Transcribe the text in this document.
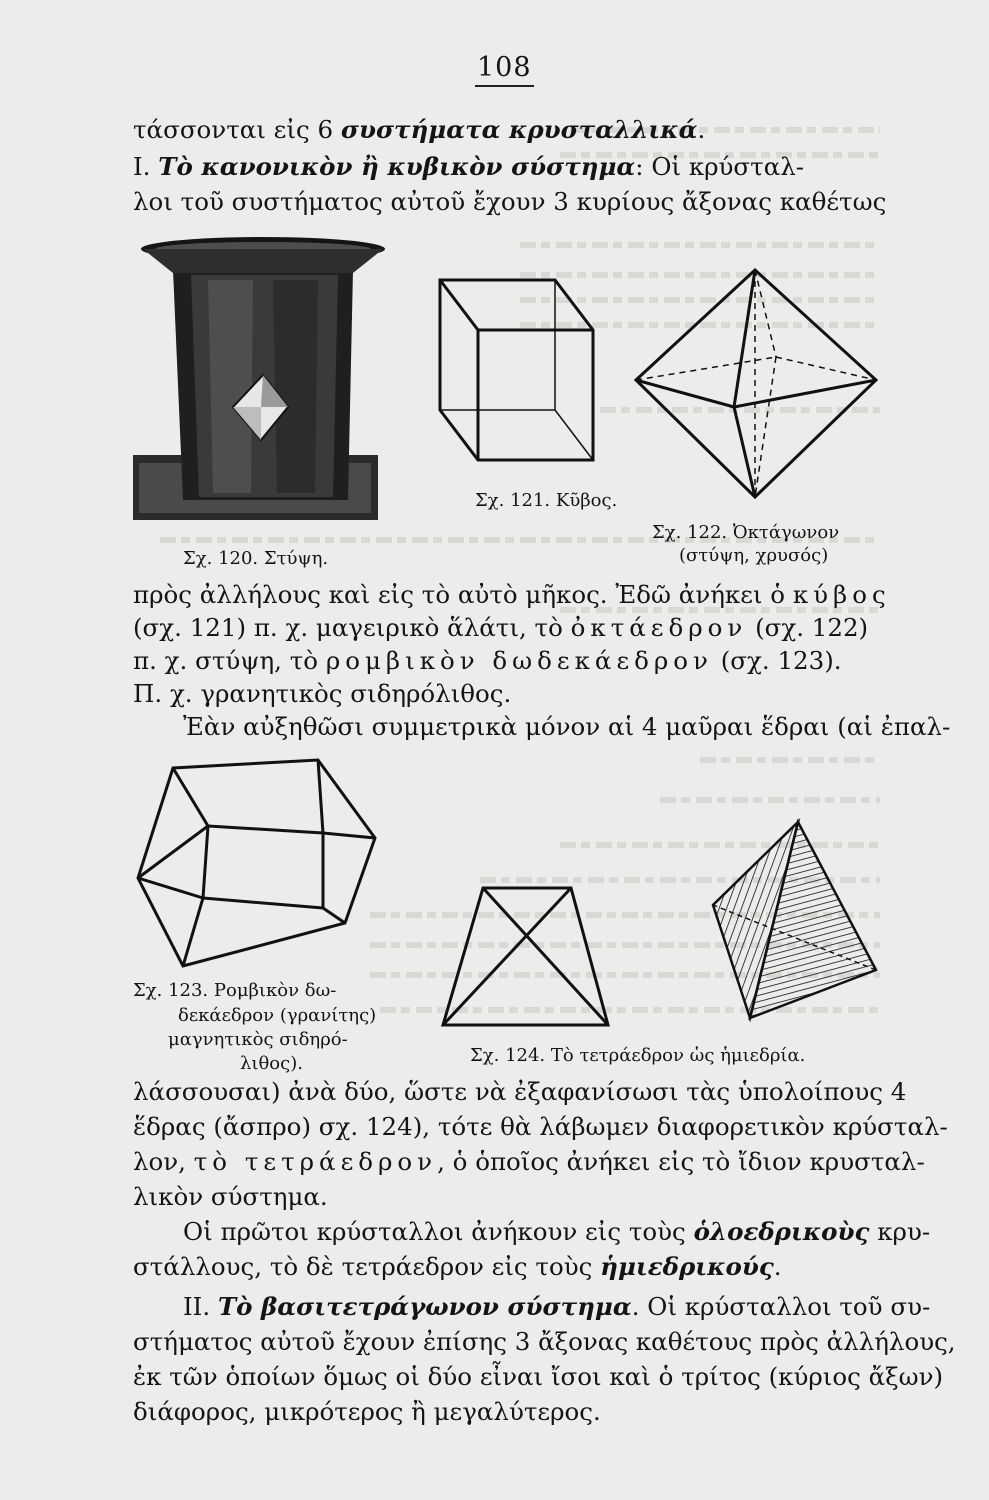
108
τάσσονται εἰς 6 συστήματα κρυσταλλικά.
I. Τὸ κανονικὸν ἢ κυβικὸν σύστημα: Οἱ κρύσταλ-
λοι τοῦ συστήματος αὐτοῦ ἔχουν 3 κυρίους ἄξονας καθέτως
Σχ. 120. Στύψη.
Σχ. 121. Κῦβος.
Σχ. 122. Ὀκτάγωνον
(στύψη, χρυσός)
πρὸς ἀλλήλους καὶ εἰς τὸ αὐτὸ μῆκος. Ἐδῶ ἀνήκει ὁ κύβος
(σχ. 121) π. χ. μαγειρικὸ ἅλάτι, τὸ ὀκτάεδρον (σχ. 122)
π. χ. στύψη, τὸ ρομβικὸν δωδεκάεδρον (σχ. 123).
Π. χ. γρανητικὸς σιδηρόλιθος.
Ἐὰν αὐξηθῶσι συμμετρικὰ μόνον αἱ 4 μαῦραι ἕδραι (αἱ ἐπαλ-
Σχ. 123. Ρομβικὸν δω-
δεκάεδρον (γρανίτης)
μαγνητικὸς σιδηρό-
λιθος).	Σχ. 124. Τὸ τετράεδρον ὡς ἡμιεδρία.
λάσσουσαι) ἀνὰ δύο, ὥστε νὰ ἐξαφανίσωσι τὰς ὑπολοίπους 4
ἕδρας (ἄσπρο) σχ. 124), τότε θὰ λάβωμεν διαφορετικὸν κρύσταλ-
λον, τὸ τετράεδρον, ὁ ὁποῖος ἀνήκει εἰς τὸ ἴδιον κρυσταλ-
λικὸν σύστημα.
Οἱ πρῶτοι κρύσταλλοι ἀνήκουν εἰς τοὺς ὁλοεδρικοὺς κρυ-
στάλλους, τὸ δὲ τετράεδρον εἰς τοὺς ἡμιεδρικούς.
II. Τὸ βασιτετράγωνον σύστημα. Οἱ κρύσταλλοι τοῦ συ-
στήματος αὐτοῦ ἔχουν ἐπίσης 3 ἄξονας καθέτους πρὸς ἀλλήλους,
ἐκ τῶν ὁποίων ὅμως οἱ δύο εἶναι ἴσοι καὶ ὁ τρίτος (κύριος ἄξων)
διάφορος, μικρότερος ἢ μεγαλύτερος.
